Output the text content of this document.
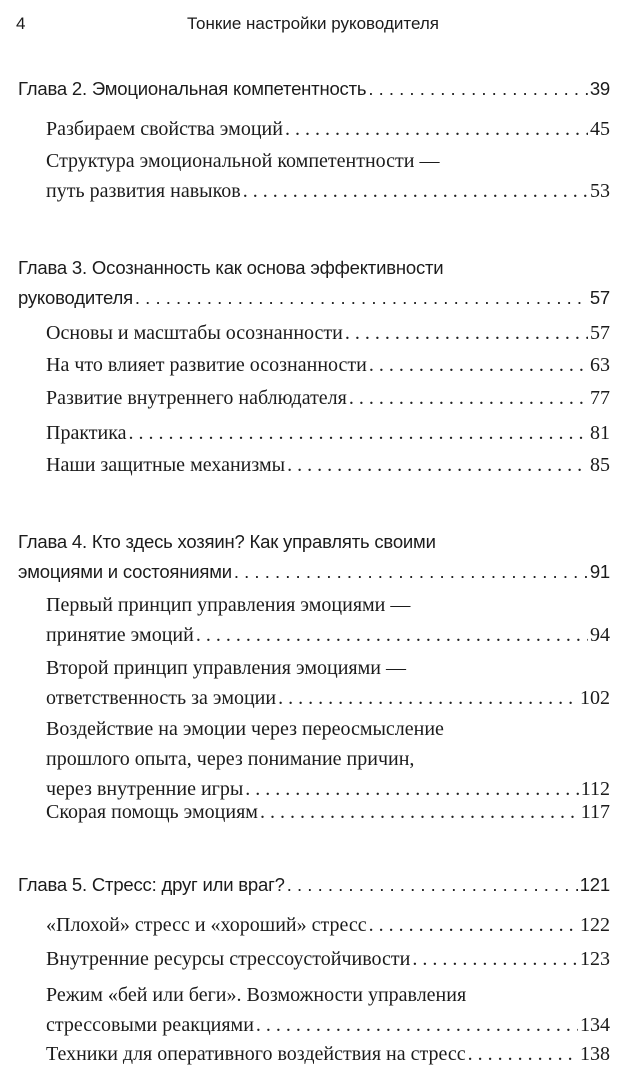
4	Тонкие настройки руководителя
Глава 2. Эмоциональная компетентность . . .	39
Разбираем свойства эмоций . . .	45
Структура эмоциональной компетентности —
путь развития навыков . . .	53
Глава 3. Осознанность как основа эффективности
руководителя . . .	57
Основы и масштабы осознанности . . .	57
На что влияет развитие осознанности . . .	63
Развитие внутреннего наблюдателя . . .	77
Практика . . .	81
Наши защитные механизмы . . .	85
Глава 4. Кто здесь хозяин? Как управлять своими
эмоциями и состояниями . . .	91
Первый принцип управления эмоциями —
принятие эмоций . . .	94
Второй принцип управления эмоциями —
ответственность за эмоции . . .	102
Воздействие на эмоции через переосмысление
прошлого опыта, через понимание причин,
через внутренние игры . . .	112
Скорая помощь эмоциям . . .	117
Глава 5. Стресс: друг или враг? . . .	121
«Плохой» стресс и «хороший» стресс . . .	122
Внутренние ресурсы стрессоустойчивости . . .	123
Режим «бей или беги». Возможности управления
стрессовыми реакциями . . .	134
Техники для оперативного воздействия на стресс . . .	138
